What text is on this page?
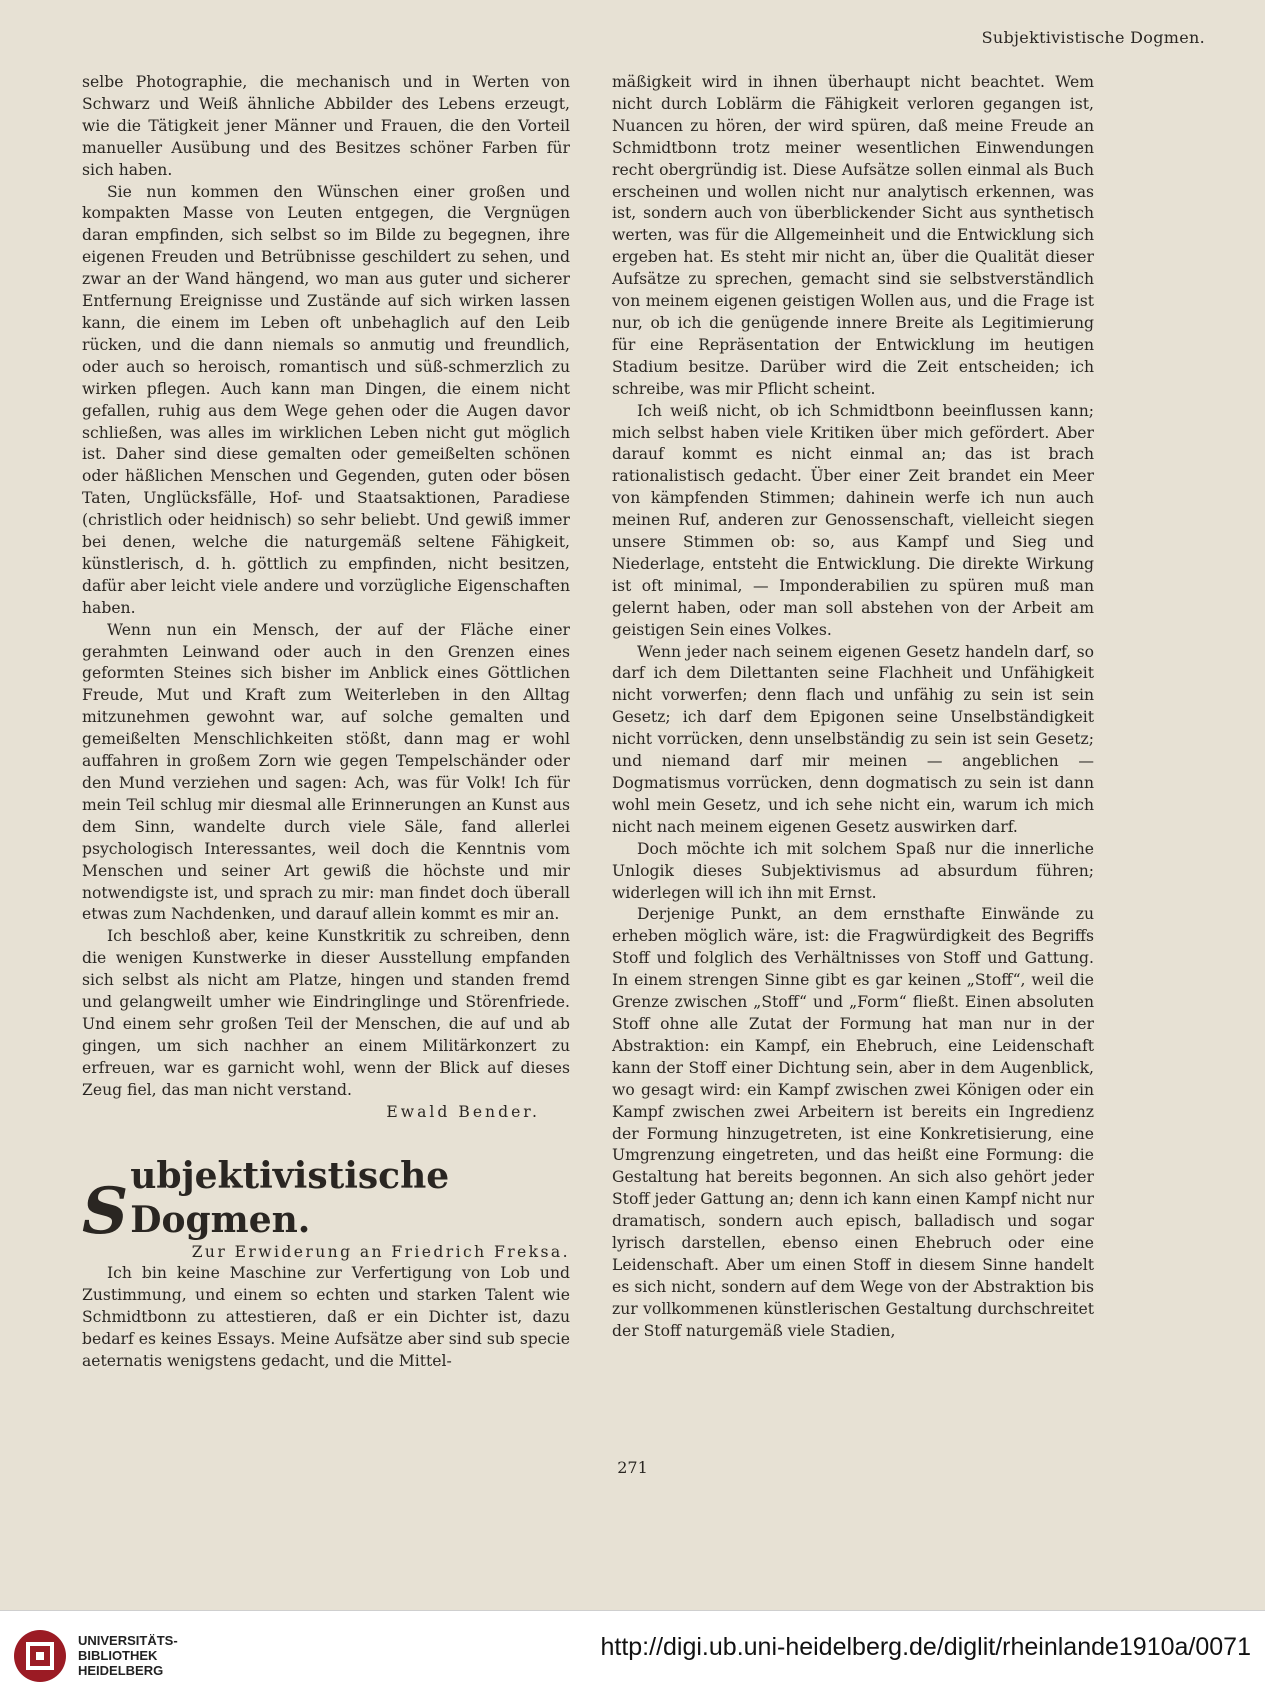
Subjektivistische Dogmen.

selbe Photographie, die mechanisch und in Werten von Schwarz und Weiß ähnliche Abbilder des Lebens erzeugt, wie die Tätigkeit jener Männer und Frauen, die den Vorteil manueller Ausübung und des Besitzes schöner Farben für sich haben.

Sie nun kommen den Wünschen einer großen und kompakten Masse von Leuten entgegen, die Vergnügen daran empfinden, sich selbst so im Bilde zu begegnen, ihre eigenen Freuden und Betrübnisse geschildert zu sehen, und zwar an der Wand hängend, wo man aus guter und sicherer Entfernung Ereignisse und Zustände auf sich wirken lassen kann, die einem im Leben oft unbehaglich auf den Leib rücken, und die dann niemals so anmutig und freundlich, oder auch so heroisch, romantisch und süß-schmerzlich zu wirken pflegen. Auch kann man Dingen, die einem nicht gefallen, ruhig aus dem Wege gehen oder die Augen davor schließen, was alles im wirklichen Leben nicht gut möglich ist. Daher sind diese gemalten oder gemeißelten schönen oder häßlichen Menschen und Gegenden, guten oder bösen Taten, Unglücksfälle, Hof- und Staatsaktionen, Paradiese (christlich oder heidnisch) so sehr beliebt. Und gewiß immer bei denen, welche die naturgemäß seltene Fähigkeit, künstlerisch, d. h. göttlich zu empfinden, nicht besitzen, dafür aber leicht viele andere und vorzügliche Eigenschaften haben.

Wenn nun ein Mensch, der auf der Fläche einer gerahmten Leinwand oder auch in den Grenzen eines geformten Steines sich bisher im Anblick eines Göttlichen Freude, Mut und Kraft zum Weiterleben in den Alltag mitzunehmen gewohnt war, auf solche gemalten und gemeißelten Menschlichkeiten stößt, dann mag er wohl auffahren in großem Zorn wie gegen Tempelschänder oder den Mund verziehen und sagen: Ach, was für Volk! Ich für mein Teil schlug mir diesmal alle Erinnerungen an Kunst aus dem Sinn, wandelte durch viele Säle, fand allerlei psychologisch Interessantes, weil doch die Kenntnis vom Menschen und seiner Art gewiß die höchste und mir notwendigste ist, und sprach zu mir: man findet doch überall etwas zum Nachdenken, und darauf allein kommt es mir an.

Ich beschloß aber, keine Kunstkritik zu schreiben, denn die wenigen Kunstwerke in dieser Ausstellung empfanden sich selbst als nicht am Platze, hingen und standen fremd und gelangweilt umher wie Eindringlinge und Störenfriede. Und einem sehr großen Teil der Menschen, die auf und ab gingen, um sich nachher an einem Militärkonzert zu erfreuen, war es garnicht wohl, wenn der Blick auf dieses Zeug fiel, das man nicht verstand.

Ewald Bender.

S ubjektivistische Dogmen.

Zur Erwiderung an Friedrich Freksa.

Ich bin keine Maschine zur Verfertigung von Lob und Zustimmung, und einem so echten und starken Talent wie Schmidtbonn zu attestieren, daß er ein Dichter ist, dazu bedarf es keines Essays. Meine Aufsätze aber sind sub specie aeternatis wenigstens gedacht, und die Mittel-

mäßigkeit wird in ihnen überhaupt nicht beachtet. Wem nicht durch Loblärm die Fähigkeit verloren gegangen ist, Nuancen zu hören, der wird spüren, daß meine Freude an Schmidtbonn trotz meiner wesentlichen Einwendungen recht obergründig ist. Diese Aufsätze sollen einmal als Buch erscheinen und wollen nicht nur analytisch erkennen, was ist, sondern auch von überblickender Sicht aus synthetisch werten, was für die Allgemeinheit und die Entwicklung sich ergeben hat. Es steht mir nicht an, über die Qualität dieser Aufsätze zu sprechen, gemacht sind sie selbstverständlich von meinem eigenen geistigen Wollen aus, und die Frage ist nur, ob ich die genügende innere Breite als Legitimierung für eine Repräsentation der Entwicklung im heutigen Stadium besitze. Darüber wird die Zeit entscheiden; ich schreibe, was mir Pflicht scheint.

Ich weiß nicht, ob ich Schmidtbonn beeinflussen kann; mich selbst haben viele Kritiken über mich gefördert. Aber darauf kommt es nicht einmal an; das ist brach rationalistisch gedacht. Über einer Zeit brandet ein Meer von kämpfenden Stimmen; dahinein werfe ich nun auch meinen Ruf, anderen zur Genossenschaft, vielleicht siegen unsere Stimmen ob: so, aus Kampf und Sieg und Niederlage, entsteht die Entwicklung. Die direkte Wirkung ist oft minimal, — Imponderabilien zu spüren muß man gelernt haben, oder man soll abstehen von der Arbeit am geistigen Sein eines Volkes.

Wenn jeder nach seinem eigenen Gesetz handeln darf, so darf ich dem Dilettanten seine Flachheit und Unfähigkeit nicht vorwerfen; denn flach und unfähig zu sein ist sein Gesetz; ich darf dem Epigonen seine Unselbständigkeit nicht vorrücken, denn unselbständig zu sein ist sein Gesetz; und niemand darf mir meinen — angeblichen — Dogmatismus vorrücken, denn dogmatisch zu sein ist dann wohl mein Gesetz, und ich sehe nicht ein, warum ich mich nicht nach meinem eigenen Gesetz auswirken darf.

Doch möchte ich mit solchem Spaß nur die innerliche Unlogik dieses Subjektivismus ad absurdum führen; widerlegen will ich ihn mit Ernst.

Derjenige Punkt, an dem ernsthafte Einwände zu erheben möglich wäre, ist: die Fragwürdigkeit des Begriffs Stoff und folglich des Verhältnisses von Stoff und Gattung. In einem strengen Sinne gibt es gar keinen „Stoff“, weil die Grenze zwischen „Stoff“ und „Form“ fließt. Einen absoluten Stoff ohne alle Zutat der Formung hat man nur in der Abstraktion: ein Kampf, ein Ehebruch, eine Leidenschaft kann der Stoff einer Dichtung sein, aber in dem Augenblick, wo gesagt wird: ein Kampf zwischen zwei Königen oder ein Kampf zwischen zwei Arbeitern ist bereits ein Ingredienz der Formung hinzugetreten, ist eine Konkretisierung, eine Umgrenzung eingetreten, und das heißt eine Formung: die Gestaltung hat bereits begonnen. An sich also gehört jeder Stoff jeder Gattung an; denn ich kann einen Kampf nicht nur dramatisch, sondern auch episch, balladisch und sogar lyrisch darstellen, ebenso einen Ehebruch oder eine Leidenschaft. Aber um einen Stoff in diesem Sinne handelt es sich nicht, sondern auf dem Wege von der Abstraktion bis zur vollkommenen künstlerischen Gestaltung durchschreitet der Stoff naturgemäß viele Stadien,

271
UNIVERSITÄTS-
BIBLIOTHEK
HEIDELBERG
http://digi.ub.uni-heidelberg.de/diglit/rheinlande1910a/0071
